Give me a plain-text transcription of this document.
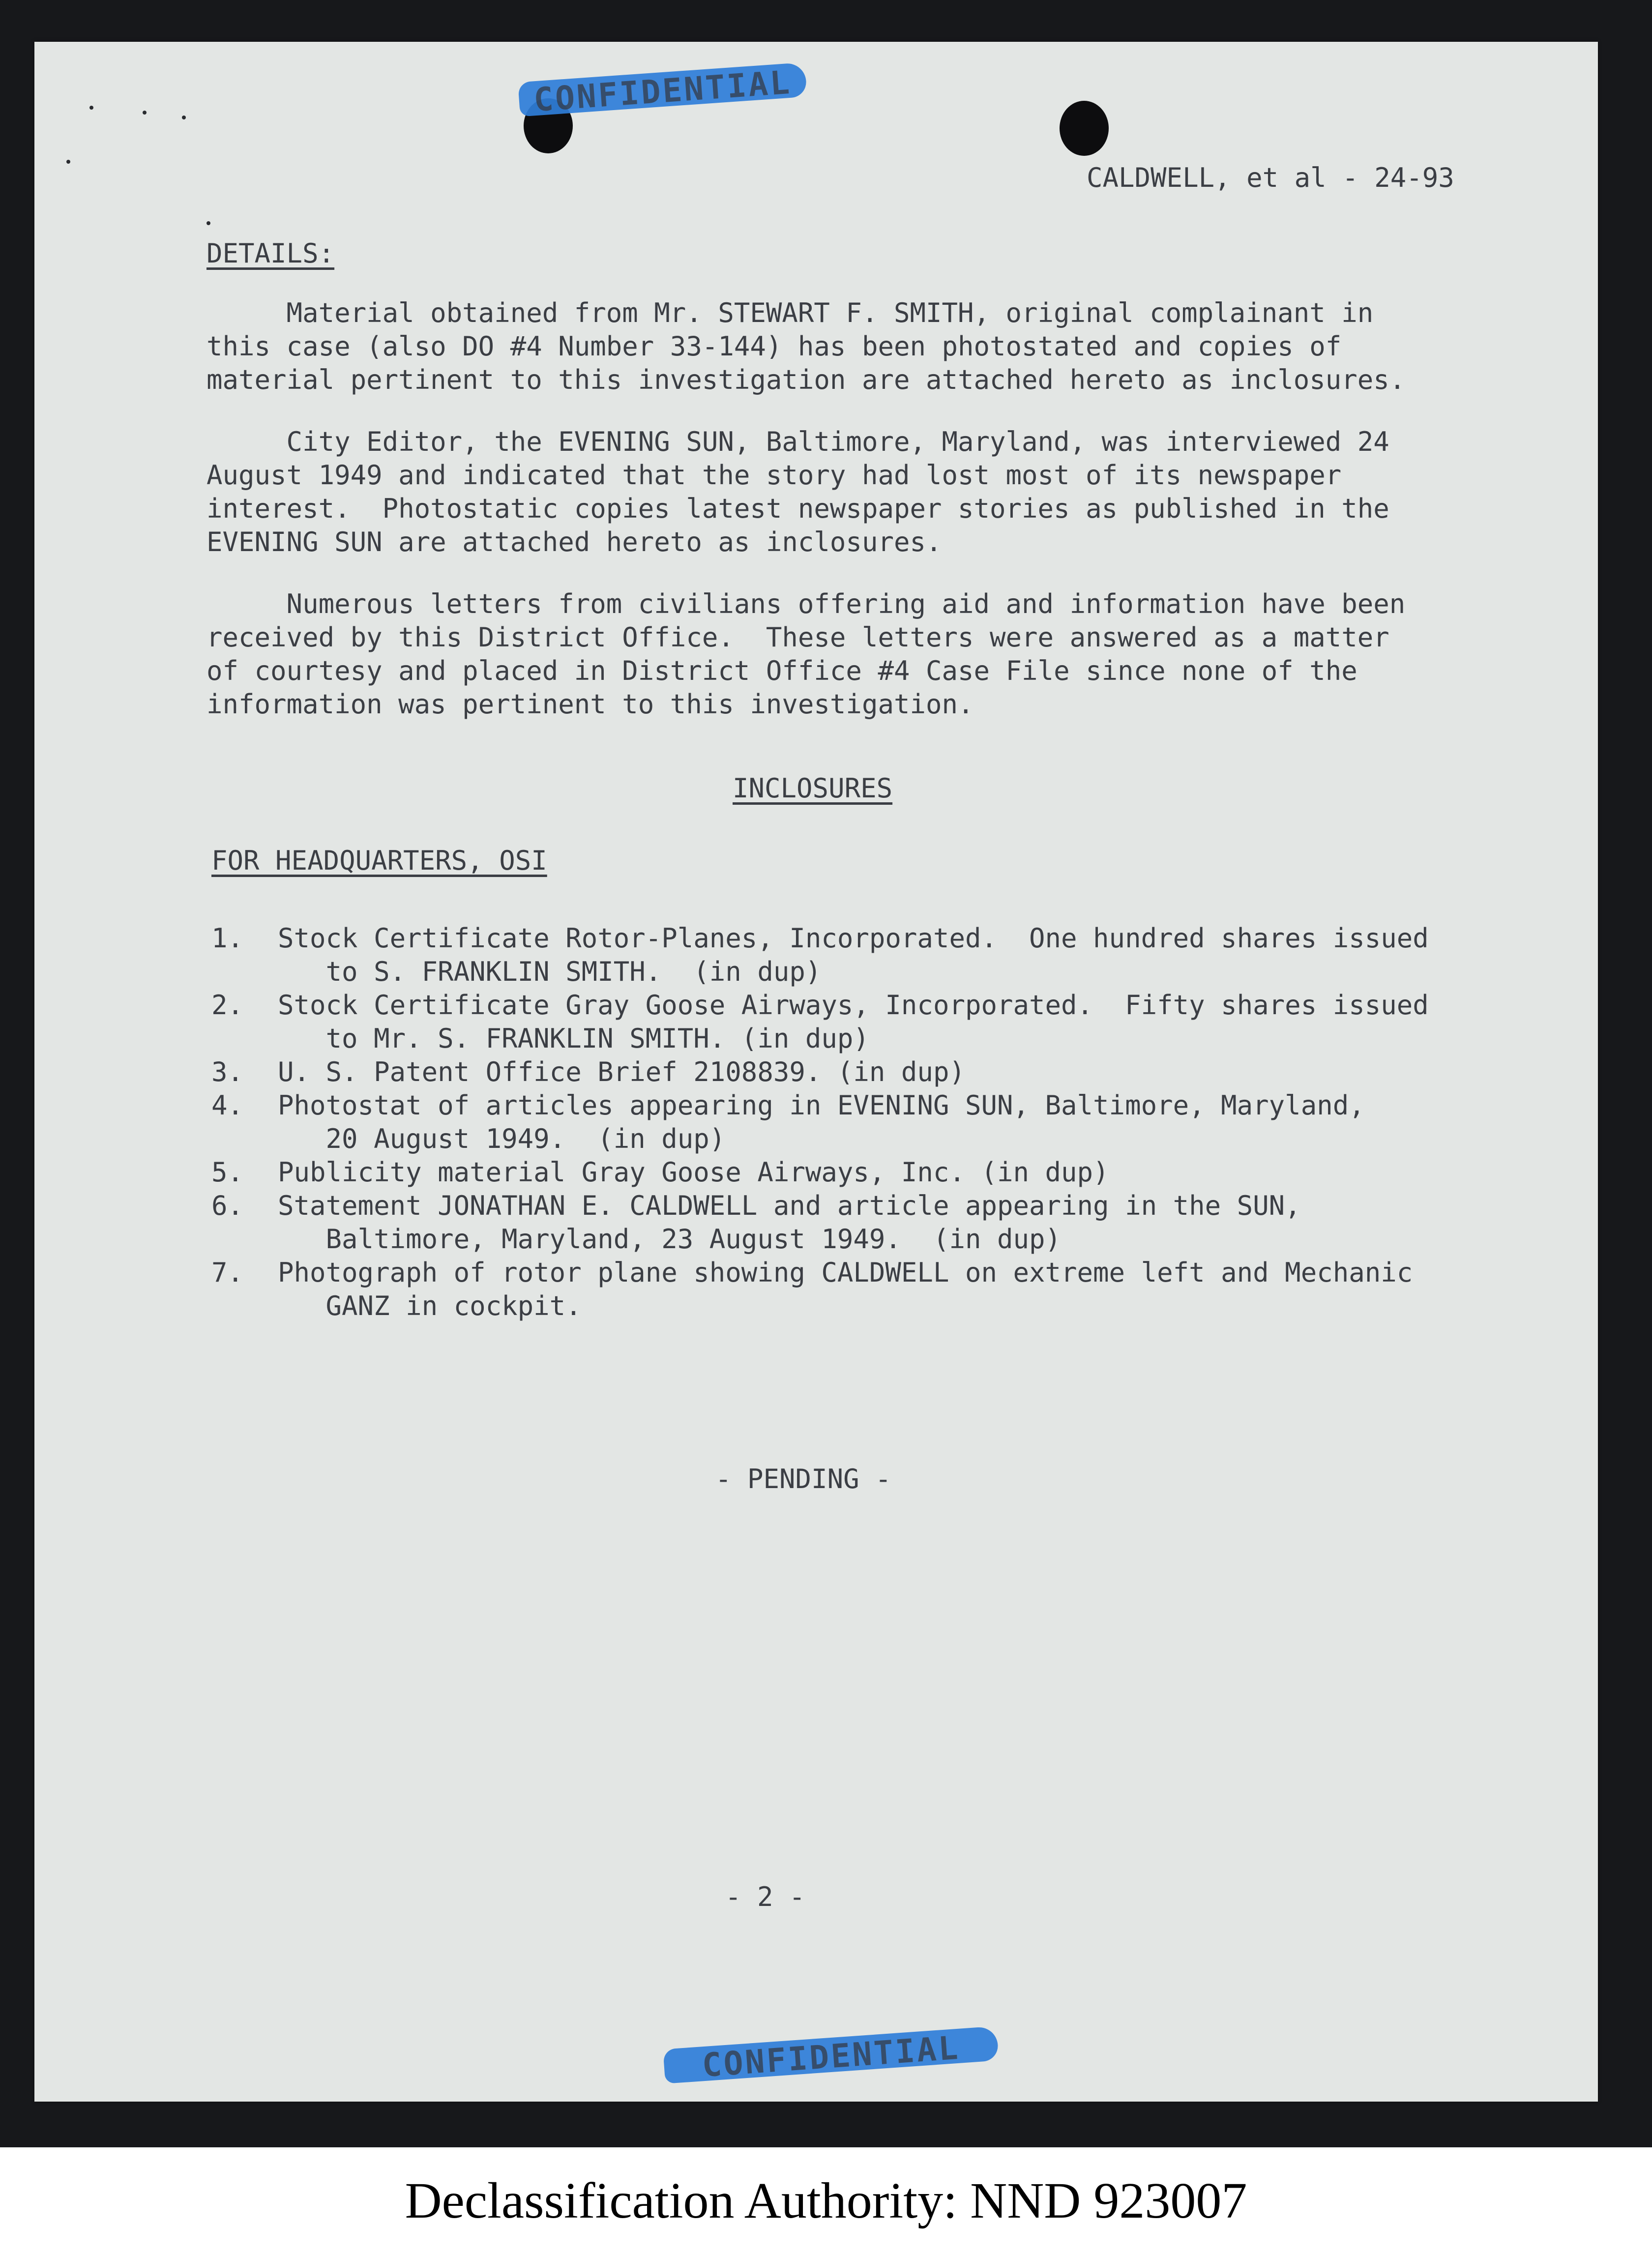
CONFIDENTIAL
CONFIDENTIAL
CALDWELL, et al - 24-93
DETAILS:
Material obtained from Mr. STEWART F. SMITH, original complainant in
this case (also DO #4 Number 33-144) has been photostated and copies of
material pertinent to this investigation are attached hereto as inclosures.
City Editor, the EVENING SUN, Baltimore, Maryland, was interviewed 24
August 1949 and indicated that the story had lost most of its newspaper
interest.  Photostatic copies latest newspaper stories as published in the
EVENING SUN are attached hereto as inclosures.
Numerous letters from civilians offering aid and information have been
received by this District Office.  These letters were answered as a matter
of courtesy and placed in District Office #4 Case File since none of the
information was pertinent to this investigation.
INCLOSURES
FOR HEADQUARTERS, OSI
1. Stock Certificate Rotor-Planes, Incorporated.  One hundred shares issued
to S. FRANKLIN SMITH.  (in dup)
2. Stock Certificate Gray Goose Airways, Incorporated.  Fifty shares issued
to Mr. S. FRANKLIN SMITH. (in dup)
3. U. S. Patent Office Brief 2108839. (in dup)
4. Photostat of articles appearing in EVENING SUN, Baltimore, Maryland,
20 August 1949.  (in dup)
5. Publicity material Gray Goose Airways, Inc. (in dup)
6. Statement JONATHAN E. CALDWELL and article appearing in the SUN,
Baltimore, Maryland, 23 August 1949.  (in dup)
7. Photograph of rotor plane showing CALDWELL on extreme left and Mechanic
GANZ in cockpit.
- PENDING -
- 2 -
Declassification Authority: NND 923007
